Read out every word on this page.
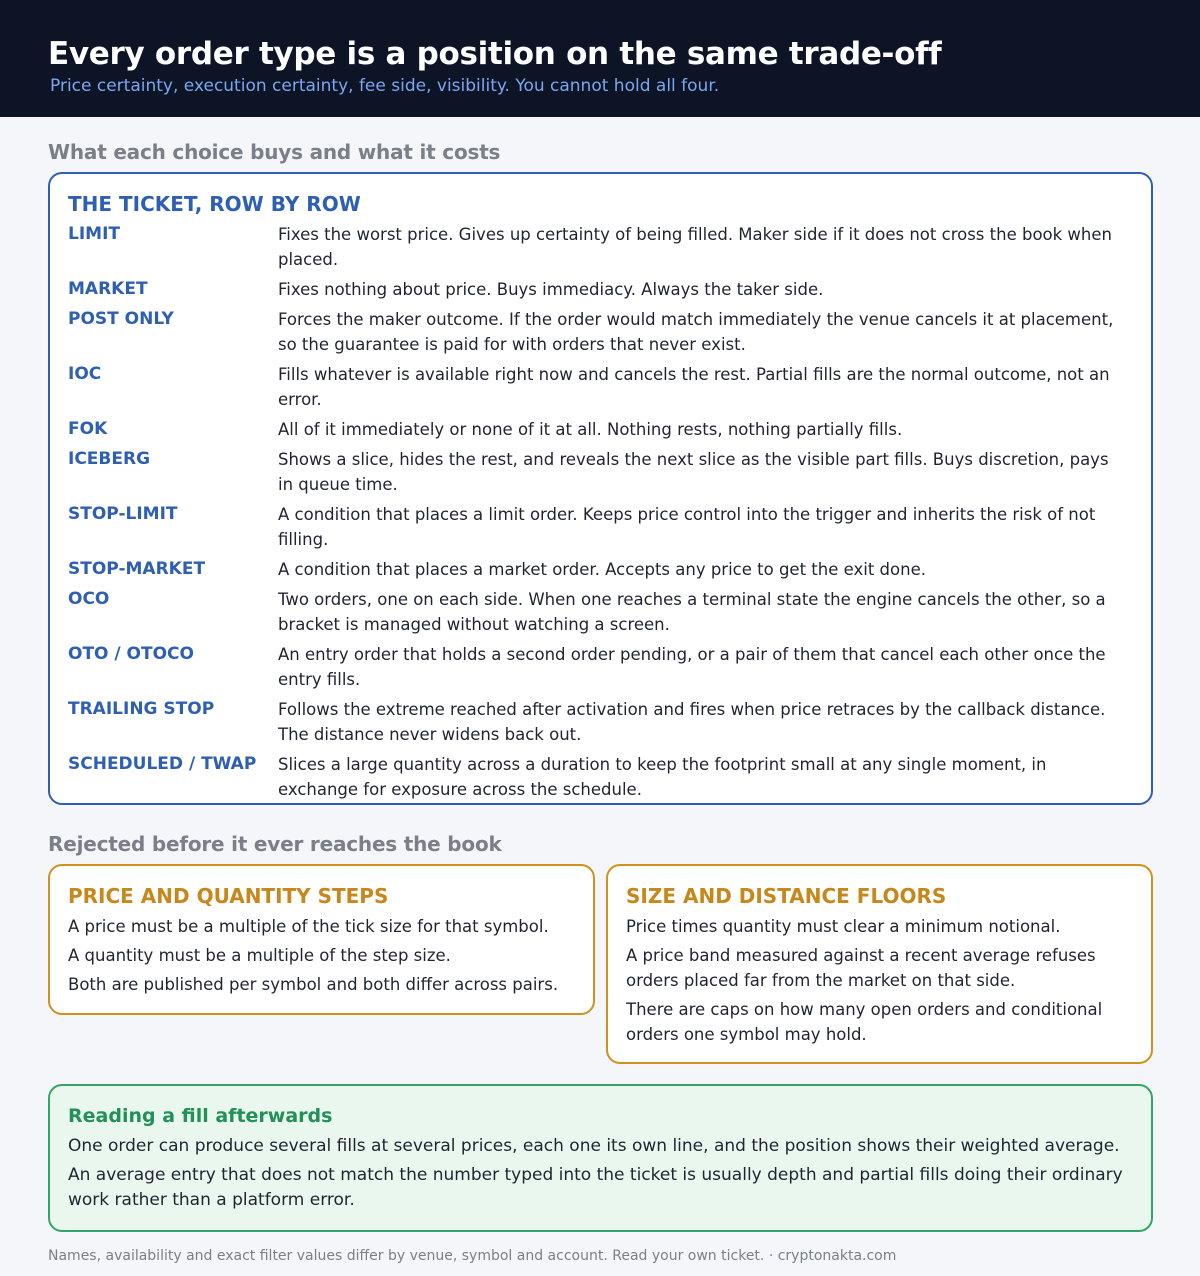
Every order type is a position on the same trade-off
Price certainty, execution certainty, fee side, visibility. You cannot hold all four.
What each choice buys and what it costs
THE TICKET, ROW BY ROW
LIMIT	Fixes the worst price. Gives up certainty of being filled. Maker side if it does not cross the book when placed.
MARKET	Fixes nothing about price. Buys immediacy. Always the taker side.
POST ONLY	Forces the maker outcome. If the order would match immediately the venue cancels it at placement, so the guarantee is paid for with orders that never exist.
IOC	Fills whatever is available right now and cancels the rest. Partial fills are the normal outcome, not an error.
FOK	All of it immediately or none of it at all. Nothing rests, nothing partially fills.
ICEBERG	Shows a slice, hides the rest, and reveals the next slice as the visible part fills. Buys discretion, pays in queue time.
STOP-LIMIT	A condition that places a limit order. Keeps price control into the trigger and inherits the risk of not filling.
STOP-MARKET	A condition that places a market order. Accepts any price to get the exit done.
OCO	Two orders, one on each side. When one reaches a terminal state the engine cancels the other, so a bracket is managed without watching a screen.
OTO / OTOCO	An entry order that holds a second order pending, or a pair of them that cancel each other once the entry fills.
TRAILING STOP	Follows the extreme reached after activation and fires when price retraces by the callback distance. The distance never widens back out.
SCHEDULED / TWAP	Slices a large quantity across a duration to keep the footprint small at any single moment, in exchange for exposure across the schedule.
Rejected before it ever reaches the book
PRICE AND QUANTITY STEPS
A price must be a multiple of the tick size for that symbol.
A quantity must be a multiple of the step size.
Both are published per symbol and both differ across pairs.
SIZE AND DISTANCE FLOORS
Price times quantity must clear a minimum notional.
A price band measured against a recent average refuses orders placed far from the market on that side.
There are caps on how many open orders and conditional orders one symbol may hold.
Reading a fill afterwards
One order can produce several fills at several prices, each one its own line, and the position shows their weighted average.
An average entry that does not match the number typed into the ticket is usually depth and partial fills doing their ordinary work rather than a platform error.
Names, availability and exact filter values differ by venue, symbol and account. Read your own ticket. · cryptonakta.com
